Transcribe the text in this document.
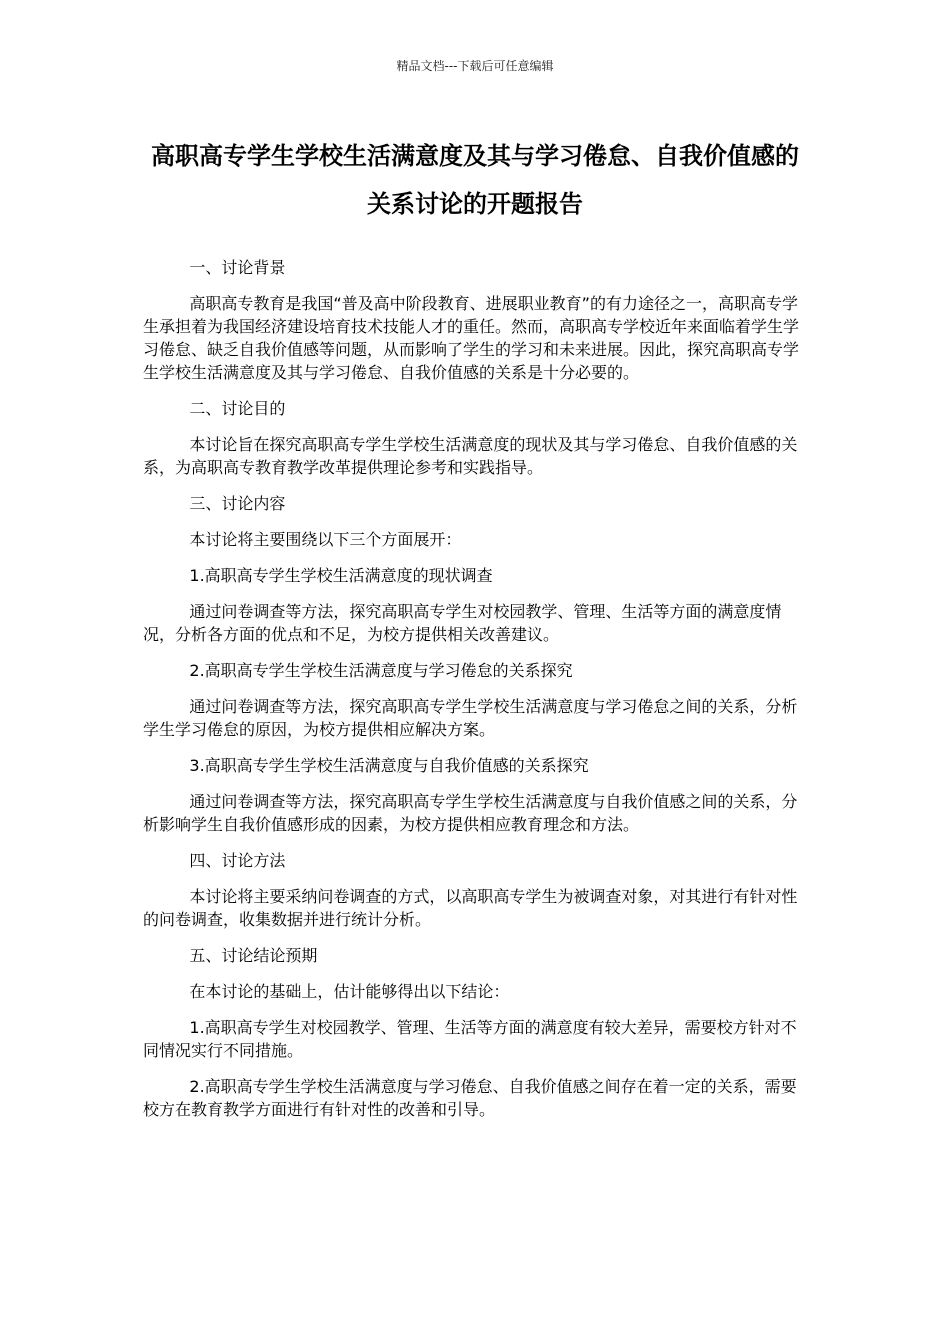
精品文档---下载后可任意编辑
高职高专学生学校生活满意度及其与学习倦怠、自我价值感的关系讨论的开题报告

一、讨论背景

高职高专教育是我国“普及高中阶段教育、进展职业教育”的有力途径之一，高职高专学生承担着为我国经济建设培育技术技能人才的重任。然而，高职高专学校近年来面临着学生学习倦怠、缺乏自我价值感等问题，从而影响了学生的学习和未来进展。因此，探究高职高专学生学校生活满意度及其与学习倦怠、自我价值感的关系是十分必要的。

二、讨论目的

本讨论旨在探究高职高专学生学校生活满意度的现状及其与学习倦怠、自我价值感的关系，为高职高专教育教学改革提供理论参考和实践指导。

三、讨论内容

本讨论将主要围绕以下三个方面展开：

1.高职高专学生学校生活满意度的现状调查

通过问卷调查等方法，探究高职高专学生对校园教学、管理、生活等方面的满意度情况，分析各方面的优点和不足，为校方提供相关改善建议。

2.高职高专学生学校生活满意度与学习倦怠的关系探究

通过问卷调查等方法，探究高职高专学生学校生活满意度与学习倦怠之间的关系，分析学生学习倦怠的原因，为校方提供相应解决方案。

3.高职高专学生学校生活满意度与自我价值感的关系探究

通过问卷调查等方法，探究高职高专学生学校生活满意度与自我价值感之间的关系，分析影响学生自我价值感形成的因素，为校方提供相应教育理念和方法。

四、讨论方法

本讨论将主要采纳问卷调查的方式，以高职高专学生为被调查对象，对其进行有针对性的问卷调查，收集数据并进行统计分析。

五、讨论结论预期

在本讨论的基础上，估计能够得出以下结论：

1.高职高专学生对校园教学、管理、生活等方面的满意度有较大差异，需要校方针对不同情况实行不同措施。

2.高职高专学生学校生活满意度与学习倦怠、自我价值感之间存在着一定的关系，需要校方在教育教学方面进行有针对性的改善和引导。
